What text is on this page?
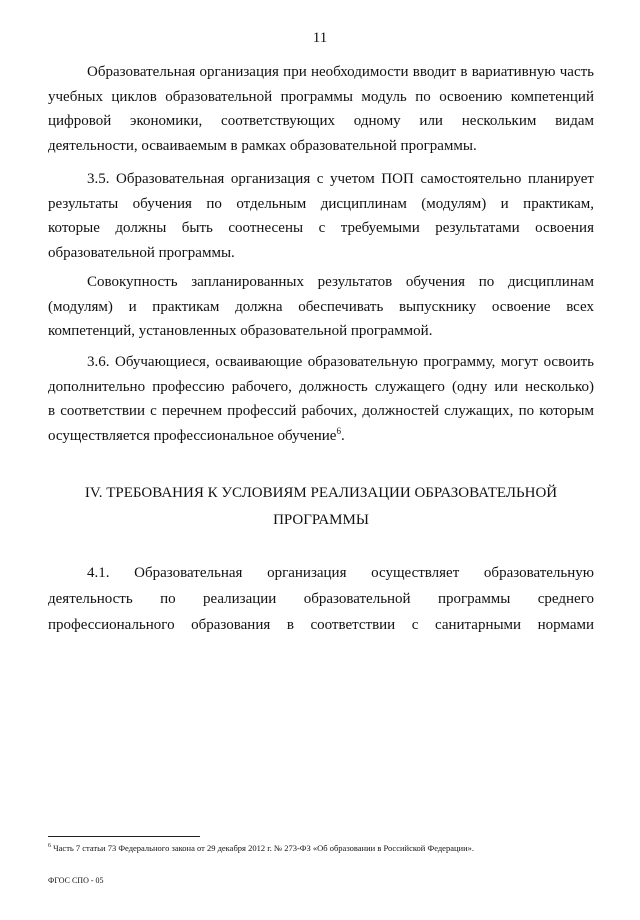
11
Образовательная организация при необходимости вводит в вариативную часть
учебных циклов образовательной программы модуль по освоению компетенций
цифровой экономики, соответствующих одному или нескольким видам
деятельности, осваиваемым в рамках образовательной программы.
3.5. Образовательная организация с учетом ПОП самостоятельно планирует
результаты обучения по отдельным дисциплинам (модулям) и практикам,
которые должны быть соотнесены с требуемыми результатами освоения
образовательной программы.
Совокупность запланированных результатов обучения по дисциплинам
(модулям) и практикам должна обеспечивать выпускнику освоение всех
компетенций, установленных образовательной программой.
3.6. Обучающиеся, осваивающие образовательную программу, могут освоить
дополнительно профессию рабочего, должность служащего (одну или несколько)
в соответствии с перечнем профессий рабочих, должностей служащих, по которым
осуществляется профессиональное обучение$^6$.
IV. ТРЕБОВАНИЯ К УСЛОВИЯМ РЕАЛИЗАЦИИ ОБРАЗОВАТЕЛЬНОЙ
ПРОГРАММЫ
4.1. Образовательная организация осуществляет образовательную
деятельность по реализации образовательной программы среднего
профессионального образования в соответствии с санитарными нормами
$^6$ Часть 7 статьи 73 Федерального закона от 29 декабря 2012 г. № 273-ФЗ «Об образовании в Российской Федерации».
ФГОС СПО - 05
